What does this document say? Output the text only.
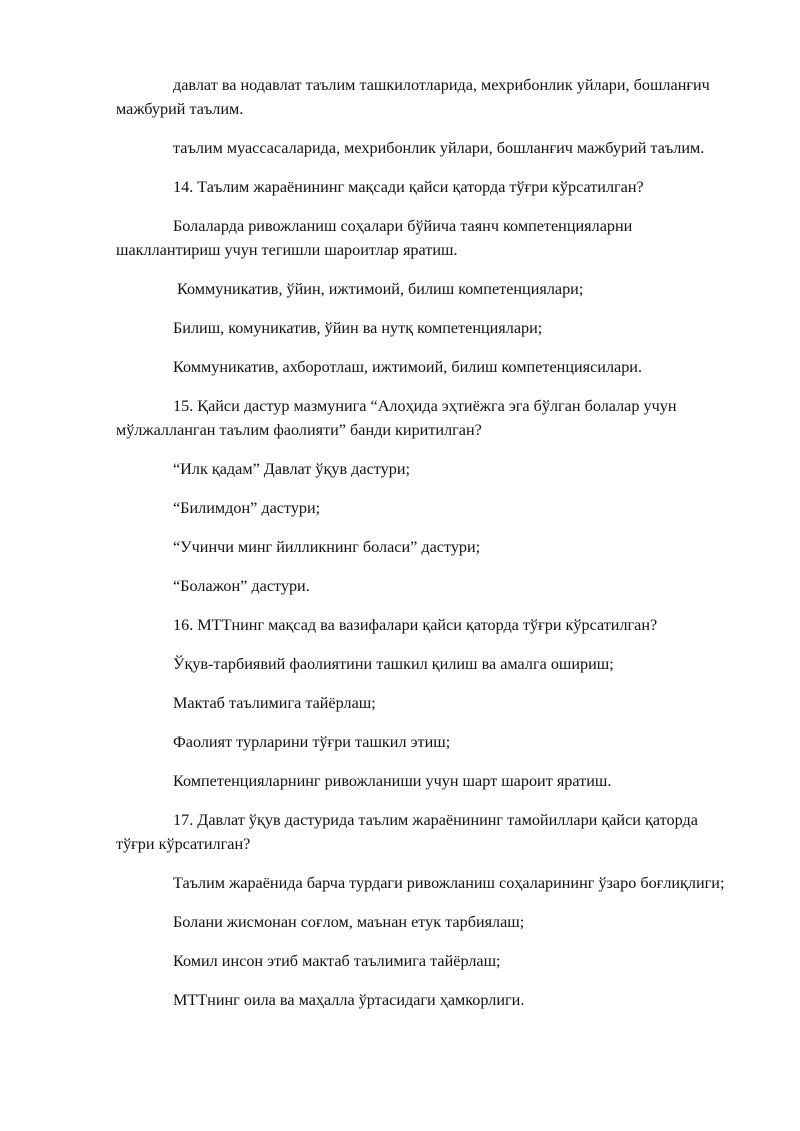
давлат ва нодавлат таълим ташкилотларида, мехрибонлик уйлари, бошланғич мажбурий таълим.

таълим муассасаларида, мехрибонлик уйлари, бошланғич мажбурий таълим.

14. Таълим жараёнининг мақсади қайси қаторда тўғри кўрсатилган?

Болаларда ривожланиш соҳалари бўйича таянч компетенцияларни шакллантириш учун тегишли шароитлар яратиш.

Коммуникатив, ўйин, ижтимоий, билиш компетенциялари;

Билиш, комуникатив, ўйин ва нутқ компетенциялари;

Коммуникатив, ахборотлаш, ижтимоий, билиш компетенциясилари.

15. Қайси дастур мазмунига “Алоҳида эҳтиёжга эга бўлган болалар учун мўлжалланган таълим фаолияти” банди киритилган?

“Илк қадам” Давлат ўқув дастури;

“Билимдон” дастури;

“Учинчи минг йилликнинг боласи” дастури;

“Болажон” дастури.

16. МТТнинг мақсад ва вазифалари қайси қаторда тўғри кўрсатилган?

Ўқув-тарбиявий фаолиятини ташкил қилиш ва амалга ошириш;

Мактаб таълимига тайёрлаш;

Фаолият турларини тўғри ташкил этиш;

Компетенцияларнинг ривожланиши учун шарт шароит яратиш.

17. Давлат ўқув дастурида таълим жараёнининг тамойиллари қайси қаторда тўғри кўрсатилган?

Таълим жараёнида барча турдаги ривожланиш соҳаларининг ўзаро боғлиқлиги;

Болани жисмонан соғлом, маънан етук тарбиялаш;

Комил инсон этиб мактаб таълимига тайёрлаш;

МТТнинг оила ва маҳалла ўртасидаги ҳамкорлиги.
